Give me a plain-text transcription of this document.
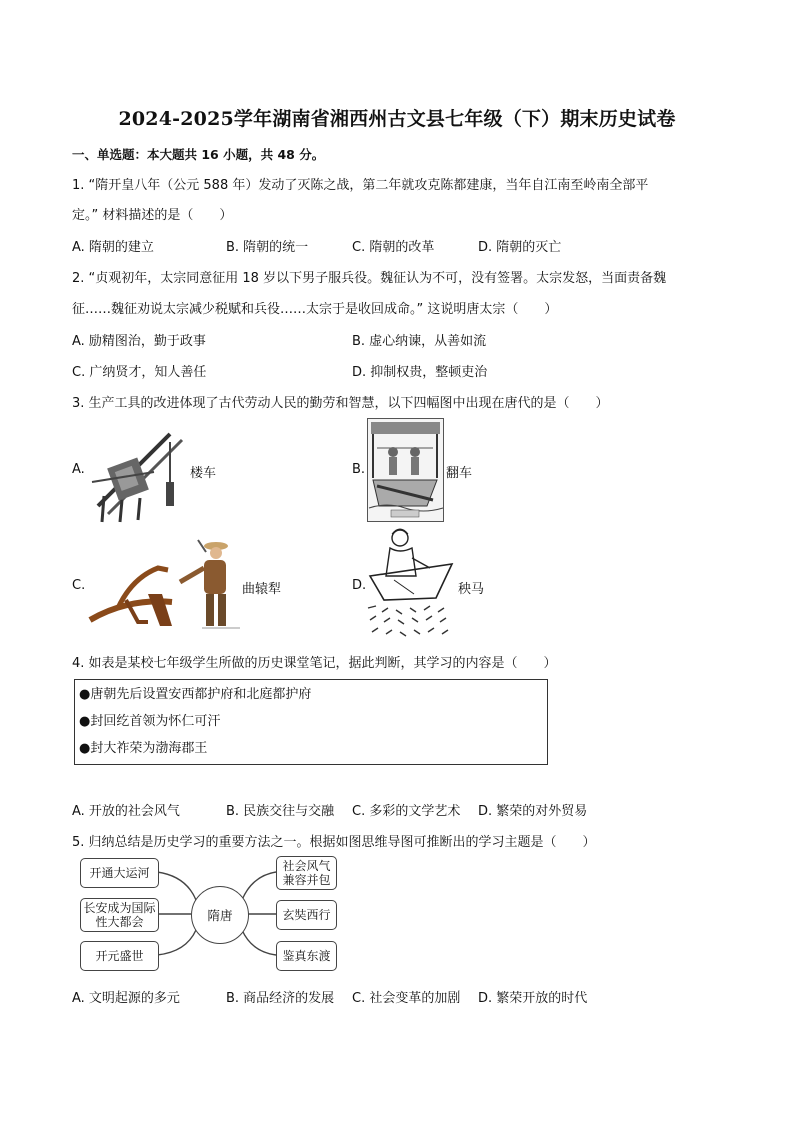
2024-2025学年湖南省湘西州古文县七年级（下）期末历史试卷
一、单选题：本大题共 16 小题，共 48 分。
1. “隋开皇八年（公元 588 年）发动了灭陈之战，第二年就攻克陈都建康，当年自江南至岭南全部平
定。” 材料描述的是（　　）
A. 隋朝的建立	B. 隋朝的统一	C. 隋朝的改革	D. 隋朝的灭亡
2. “贞观初年，太宗同意征用 18 岁以下男子服兵役。魏征认为不可，没有签署。太宗发怒，当面责备魏
征……魏征劝说太宗减少税赋和兵役……太宗于是收回成命。” 这说明唐太宗（　　）
A. 励精图治，勤于政事	B. 虚心纳谏，从善如流
C. 广纳贤才，知人善任	D. 抑制权贵，整顿吏治
3. 生产工具的改进体现了古代劳动人民的勤劳和智慧，以下四幅图中出现在唐代的是（　　）
A.	楼车	B.	翻车
C.	曲辕犁	D.	秧马
4. 如表是某校七年级学生所做的历史课堂笔记，据此判断，其学习的内容是（　　）
●唐朝先后设置安西都护府和北庭都护府
●封回纥首领为怀仁可汗
●封大祚荣为渤海郡王
A. 开放的社会风气	B. 民族交往与交融 C. 多彩的文学艺术 D. 繁荣的对外贸易
5. 归纳总结是历史学习的重要方法之一。根据如图思维导图可推断出的学习主题是（　　）
开通大运河
长安成为国际性大都会
开元盛世
隋唐
社会风气兼容并包
玄奘西行
鉴真东渡
A. 文明起源的多元	B. 商品经济的发展 C. 社会变革的加剧 D. 繁荣开放的时代
